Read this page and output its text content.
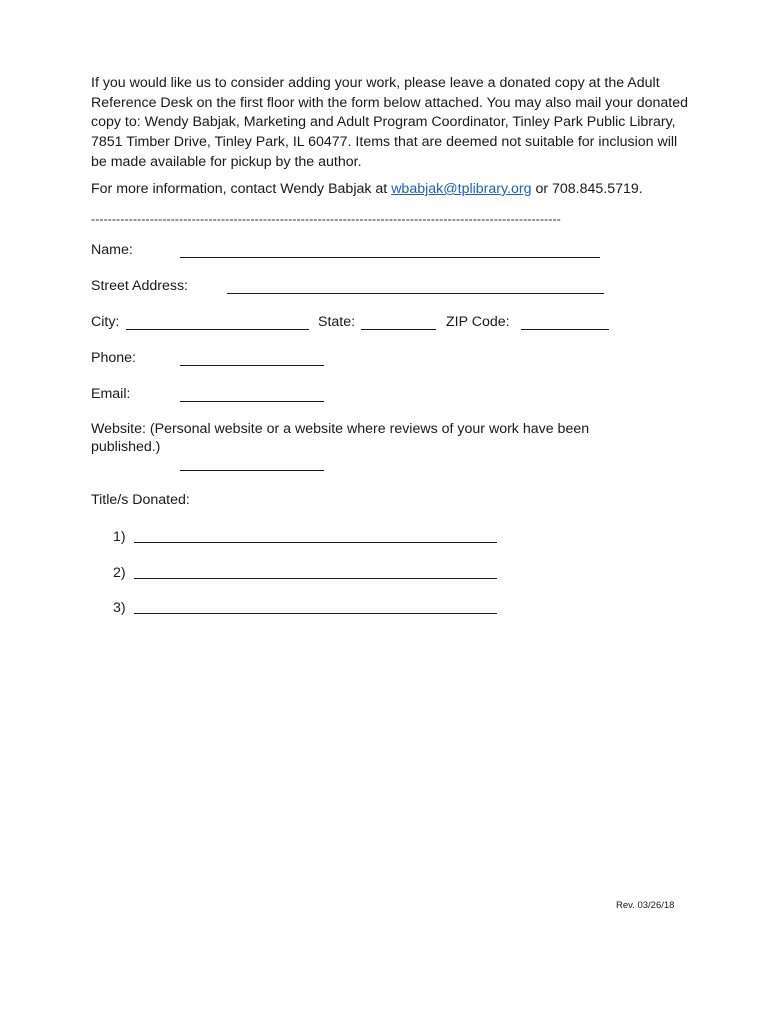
If you would like us to consider adding your work, please leave a donated copy at the Adult Reference Desk on the first floor with the form below attached. You may also mail your donated copy to: Wendy Babjak, Marketing and Adult Program Coordinator, Tinley Park Public Library, 7851 Timber Drive, Tinley Park, IL 60477. Items that are deemed not suitable for inclusion will be made available for pickup by the author.

For more information, contact Wendy Babjak at wbabjak@tplibrary.org or 708.845.5719.

----------------------------------------------------------------------------------------------------------------
Name:
Street Address:
City:	State:	ZIP Code:
Phone:
Email:
Website: (Personal website or a website where reviews of your work have been published.)
Title/s Donated:
1)
2)
3)
Rev. 03/26/18
